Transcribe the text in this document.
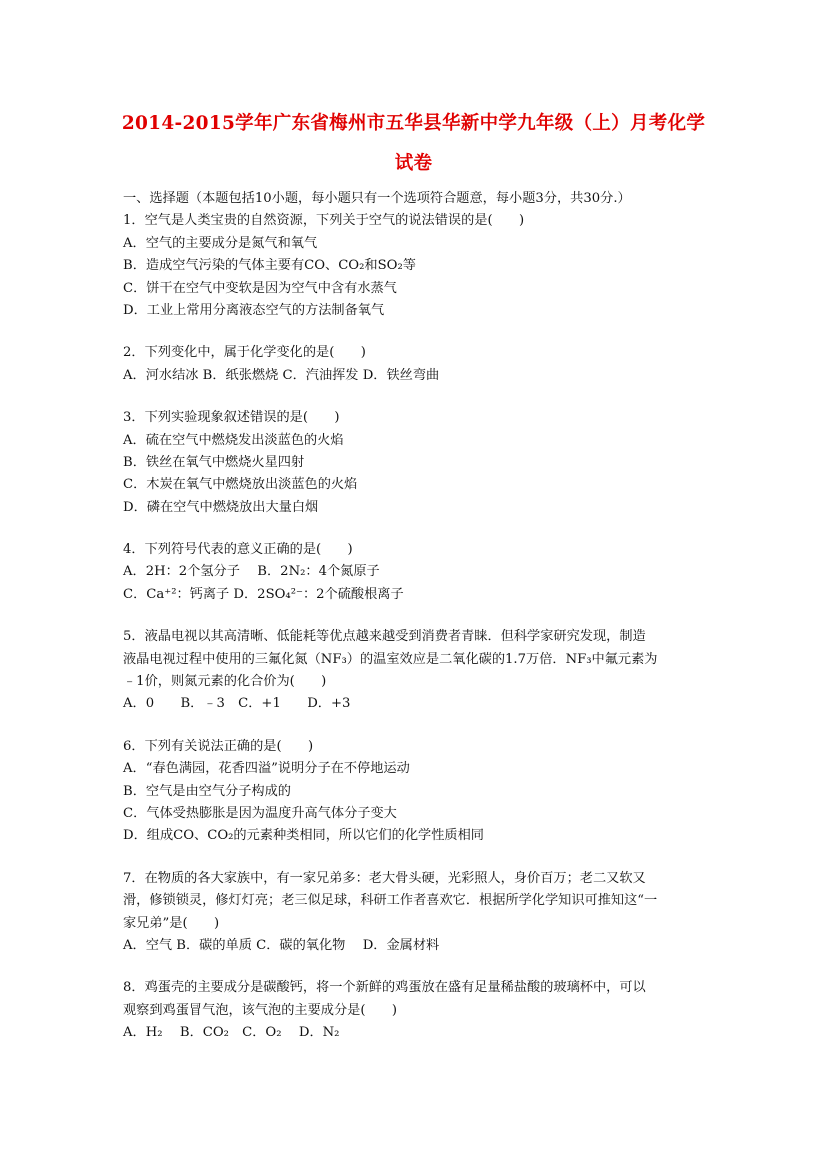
2014-2015学年广东省梅州市五华县华新中学九年级（上）月考化学
试卷
一、选择题（本题包括10小题，每小题只有一个选项符合题意，每小题3分，共30分.）
1．空气是人类宝贵的自然资源，下列关于空气的说法错误的是(　　)
A．空气的主要成分是氮气和氧气
B．造成空气污染的气体主要有CO、CO₂和SO₂等
C．饼干在空气中变软是因为空气中含有水蒸气
D．工业上常用分离液态空气的方法制备氧气
2．下列变化中，属于化学变化的是(　　)
A．河水结冰 B．纸张燃烧 C．汽油挥发 D．铁丝弯曲
3．下列实验现象叙述错误的是(　　)
A．硫在空气中燃烧发出淡蓝色的火焰
B．铁丝在氧气中燃烧火星四射
C．木炭在氧气中燃烧放出淡蓝色的火焰
D．磷在空气中燃烧放出大量白烟
4．下列符号代表的意义正确的是(　　)
A．2H：2个氢分子　 B．2N₂：4个氮原子
C．Ca⁺²：钙离子 D．2SO₄²⁻：2个硫酸根离子
5．液晶电视以其高清晰、低能耗等优点越来越受到消费者青睐．但科学家研究发现，制造
液晶电视过程中使用的三氟化氮（NF₃）的温室效应是二氧化碳的1.7万倍．NF₃中氟元素为
﹣1价，则氮元素的化合价为(　　)
A．0　　B．﹣3　C．+1　　D．+3
6．下列有关说法正确的是(　　)
A．“春色满园，花香四溢”说明分子在不停地运动
B．空气是由空气分子构成的
C．气体受热膨胀是因为温度升高气体分子变大
D．组成CO、CO₂的元素种类相同，所以它们的化学性质相同
7．在物质的各大家族中，有一家兄弟多：老大骨头硬，光彩照人，身价百万；老二又软又
滑，修锁锁灵，修灯灯亮；老三似足球，科研工作者喜欢它．根据所学化学知识可推知这“一
家兄弟”是(　　)
A．空气 B．碳的单质 C．碳的氧化物　 D．金属材料
8．鸡蛋壳的主要成分是碳酸钙，将一个新鲜的鸡蛋放在盛有足量稀盐酸的玻璃杯中，可以
观察到鸡蛋冒气泡，该气泡的主要成分是(　　)
A．H₂　 B．CO₂　C．O₂　 D．N₂
